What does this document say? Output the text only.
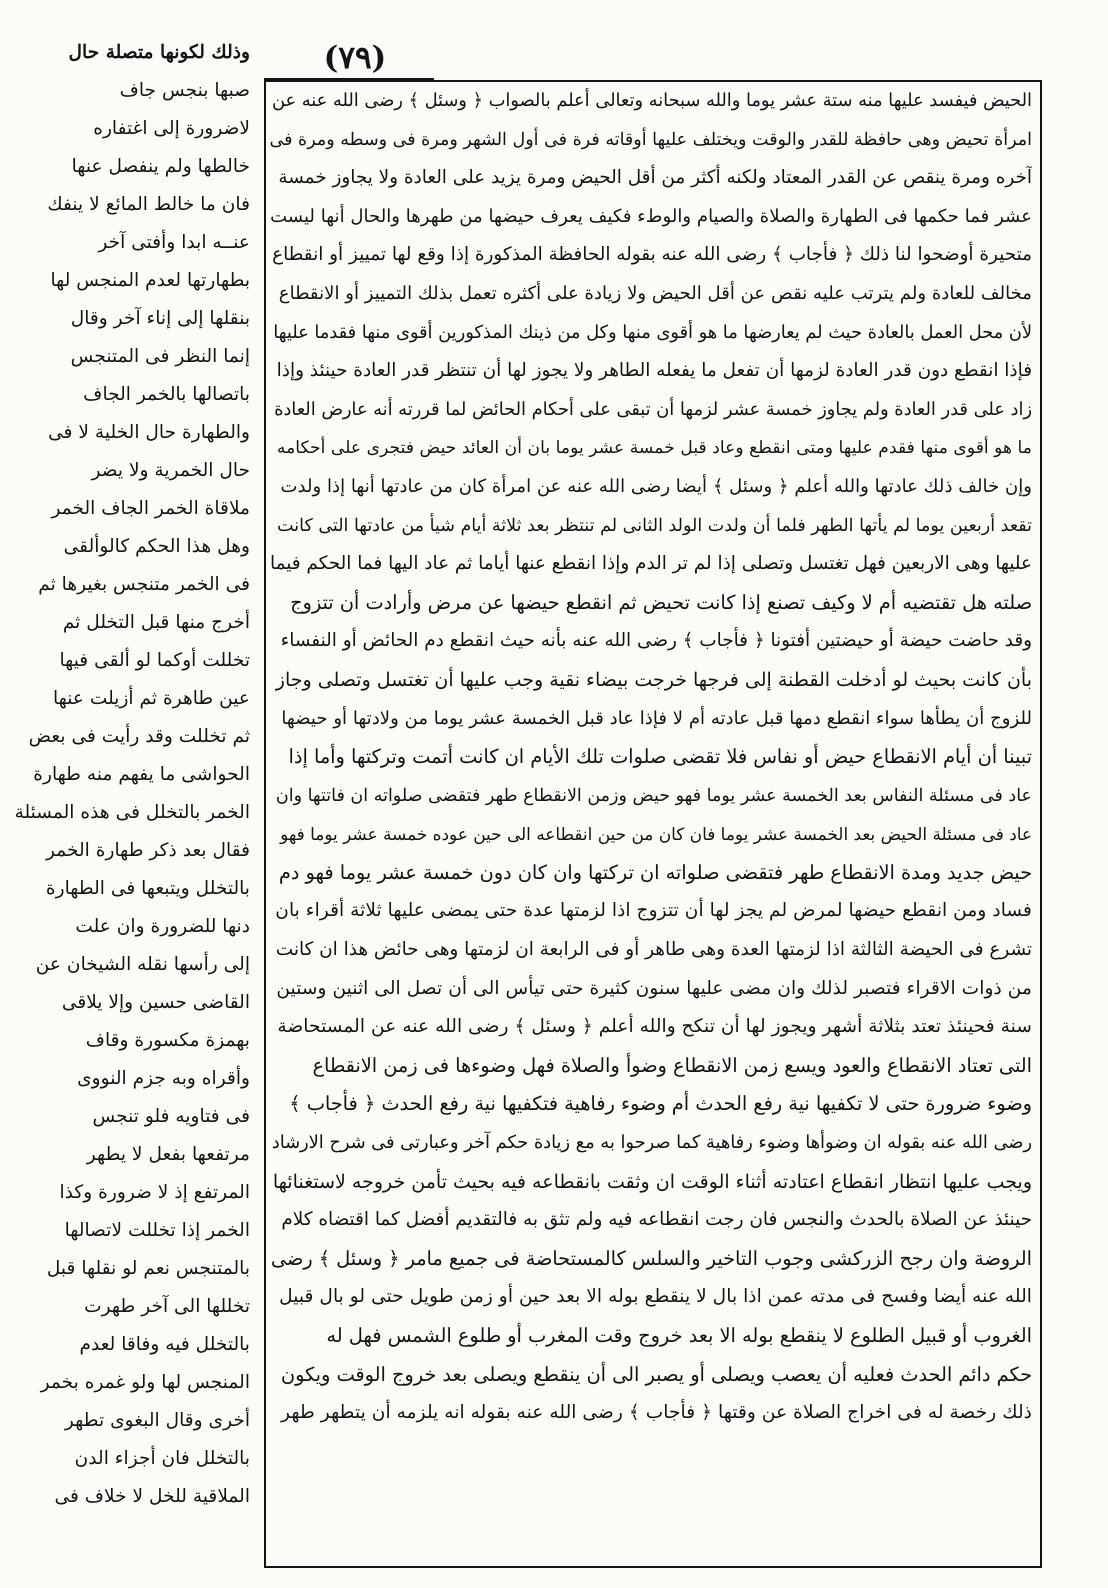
(٧٩)
الحيض فيفسد عليها منه ستة عشر يوما والله سبحانه وتعالى أعلم بالصواب ﴿ وسئل ﴾ رضى الله عنه عن
امرأة تحيض وهى حافظة للقدر والوقت ويختلف عليها أوقاته فرة فى أول الشهر ومرة فى وسطه ومرة فى
آخره ومرة ينقص عن القدر المعتاد ولكنه أكثر من أقل الحيض ومرة يزيد على العادة ولا يجاوز خمسة
عشر فما حكمها فى الطهارة والصلاة والصيام والوطء فكيف يعرف حيضها من طهرها والحال أنها ليست
متحيرة أوضحوا لنا ذلك ﴿ فأجاب ﴾ رضى الله عنه بقوله الحافظة المذكورة إذا وقع لها تمييز أو انقطاع
مخالف للعادة ولم يترتب عليه نقص عن أقل الحيض ولا زيادة على أكثره تعمل بذلك التمييز أو الانقطاع
لأن محل العمل بالعادة حيث لم يعارضها ما هو أقوى منها وكل من ذينك المذكورين أقوى منها فقدما عليها
فإذا انقطع دون قدر العادة لزمها أن تفعل ما يفعله الطاهر ولا يجوز لها أن تنتظر قدر العادة حينئذ وإذا
زاد على قدر العادة ولم يجاوز خمسة عشر لزمها أن تبقى على أحكام الحائض لما قررته أنه عارض العادة
ما هو أقوى منها فقدم عليها ومتى انقطع وعاد قبل خمسة عشر يوما بان أن العائد حيض فتجرى على أحكامه
وإن خالف ذلك عادتها والله أعلم ﴿ وسئل ﴾ أيضا رضى الله عنه عن امرأة كان من عادتها أنها إذا ولدت
تقعد أربعين يوما لم يأتها الطهر فلما أن ولدت الولد الثانى لم تنتظر بعد ثلاثة أيام شيأ من عادتها التى كانت
عليها وهى الاربعين فهل تغتسل وتصلى إذا لم تر الدم وإذا انقطع عنها أياما ثم عاد اليها فما الحكم فيما
صلته هل تقتضيه أم لا وكيف تصنع إذا كانت تحيض ثم انقطع حيضها عن مرض وأرادت أن تتزوج
وقد حاضت حيضة أو حيضتين أفتونا ﴿ فأجاب ﴾ رضى الله عنه بأنه حيث انقطع دم الحائض أو النفساء
بأن كانت بحيث لو أدخلت القطنة إلى فرجها خرجت بيضاء نقية وجب عليها أن تغتسل وتصلى وجاز
للزوج أن يطأها سواء انقطع دمها قبل عادته أم لا فإذا عاد قبل الخمسة عشر يوما من ولادتها أو حيضها
تبينا أن أيام الانقطاع حيض أو نفاس فلا تقضى صلوات تلك الأيام ان كانت أتمت وتركتها وأما إذا
عاد فى مسئلة النفاس بعد الخمسة عشر يوما فهو حيض وزمن الانقطاع طهر فتقضى صلواته ان فاتتها وان
عاد فى مسئلة الحيض بعد الخمسة عشر يوما فان كان من حين انقطاعه الى حين عوده خمسة عشر يوما فهو
حيض جديد ومدة الانقطاع طهر فتقضى صلواته ان تركتها وان كان دون خمسة عشر يوما فهو دم
فساد ومن انقطع حيضها لمرض لم يجز لها أن تتزوج اذا لزمتها عدة حتى يمضى عليها ثلاثة أقراء بان
تشرع فى الحيضة الثالثة اذا لزمتها العدة وهى طاهر أو فى الرابعة ان لزمتها وهى حائض هذا ان كانت
من ذوات الاقراء فتصبر لذلك وان مضى عليها سنون كثيرة حتى تيأس الى أن تصل الى اثنين وستين
سنة فحينئذ تعتد بثلاثة أشهر ويجوز لها أن تنكح والله أعلم ﴿ وسئل ﴾ رضى الله عنه عن المستحاضة
التى تعتاد الانقطاع والعود ويسع زمن الانقطاع وضوأ والصلاة فهل وضوءها فى زمن الانقطاع
وضوء ضرورة حتى لا تكفيها نية رفع الحدث أم وضوء رفاهية فتكفيها نية رفع الحدث ﴿ فأجاب ﴾
رضى الله عنه بقوله ان وضوأها وضوء رفاهية كما صرحوا به مع زيادة حكم آخر وعبارتى فى شرح الارشاد
ويجب عليها انتظار انقطاع اعتادته أثناء الوقت ان وثقت بانقطاعه فيه بحيث تأمن خروجه لاستغنائها
حينئذ عن الصلاة بالحدث والنجس فان رجت انقطاعه فيه ولم تثق به فالتقديم أفضل كما اقتضاه كلام
الروضة وان رجح الزركشى وجوب التاخير والسلس كالمستحاضة فى جميع مامر ﴿ وسئل ﴾ رضى
الله عنه أيضا وفسح فى مدته عمن اذا بال لا ينقطع بوله الا بعد حين أو زمن طويل حتى لو بال قبيل
الغروب أو قبيل الطلوع لا ينقطع بوله الا بعد خروج وقت المغرب أو طلوع الشمس فهل له
حكم دائم الحدث فعليه أن يعصب ويصلى أو يصبر الى أن ينقطع ويصلى بعد خروج الوقت ويكون
ذلك رخصة له فى اخراج الصلاة عن وقتها ﴿ فأجاب ﴾ رضى الله عنه بقوله انه يلزمه أن يتطهر طهر
وذلك لكونها متصلة حال
صبها بنجس جاف
لاضرورة إلى اغتفاره
خالطها ولم ينفصل عنها
فان ما خالط المائع لا ينفك
عنــه ابدا وأفتى آخر
بطهارتها لعدم المنجس لها
بنقلها إلى إناء آخر وقال
إنما النظر فى المتنجس
باتصالها بالخمر الجاف
والطهارة حال الخلية لا فى
حال الخمرية ولا يضر
ملاقاة الخمر الجاف الخمر
وهل هذا الحكم كالوألقى
فى الخمر متنجس بغيرها ثم
أخرج منها قبل التخلل ثم
تخللت أوكما لو ألقى فيها
عين طاهرة ثم أزيلت عنها
ثم تخللت وقد رأيت فى بعض
الحواشى ما يفهم منه طهارة
الخمر بالتخلل فى هذه المسئلة
فقال بعد ذكر طهارة الخمر
بالتخلل ويتبعها فى الطهارة
دنها للضرورة وان علت
إلى رأسها نقله الشيخان عن
القاضى حسين وإلا يلاقى
بهمزة مكسورة وقاف
وأقراه وبه جزم النووى
فى فتاويه فلو تنجس
مرتفعها بفعل لا يطهر
المرتفع إذ لا ضرورة وكذا
الخمر إذا تخللت لاتصالها
بالمتنجس نعم لو نقلها قبل
تخللها الى آخر طهرت
بالتخلل فيه وفاقا لعدم
المنجس لها ولو غمره بخمر
أخرى وقال البغوى تطهر
بالتخلل فان أجزاء الدن
الملاقية للخل لا خلاف فى
